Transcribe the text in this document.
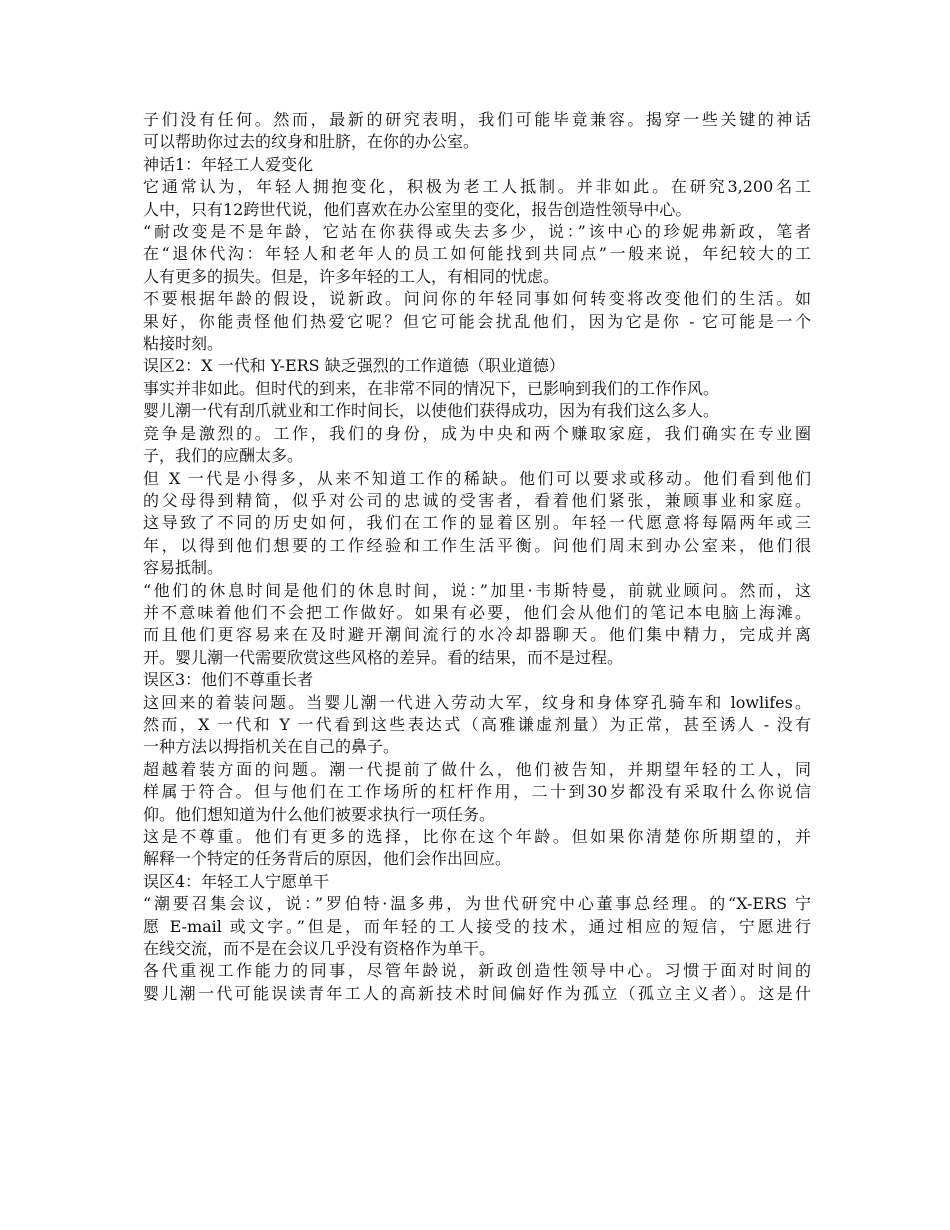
子们没有任何。然而，最新的研究表明，我们可能毕竟兼容。揭穿一些关键的神话
可以帮助你过去的纹身和肚脐，在你的办公室。
神话1：年轻工人爱变化
它通常认为，年轻人拥抱变化，积极为老工人抵制。并非如此。在研究3,200名工
人中，只有12跨世代说，他们喜欢在办公室里的变化，报告创造性领导中心。
“耐改变是不是年龄，它站在你获得或失去多少，说：”该中心的珍妮弗新政，笔者
在“退休代沟：年轻人和老年人的员工如何能找到共同点”一般来说，年纪较大的工
人有更多的损失。但是，许多年轻的工人，有相同的忧虑。
不要根据年龄的假设，说新政。问问你的年轻同事如何转变将改变他们的生活。如
果好，你能责怪他们热爱它呢？但它可能会扰乱他们，因为它是你 - 它可能是一个
粘接时刻。
误区2：X 一代和 Y-ERS 缺乏强烈的工作道德（职业道德）
事实并非如此。但时代的到来，在非常不同的情况下，已影响到我们的工作作风。
婴儿潮一代有刮爪就业和工作时间长，以使他们获得成功，因为有我们这么多人。
竞争是激烈的。工作，我们的身份，成为中央和两个赚取家庭，我们确实在专业圈
子，我们的应酬太多。
但 X 一代是小得多，从来不知道工作的稀缺。他们可以要求或移动。他们看到他们
的父母得到精简，似乎对公司的忠诚的受害者，看着他们紧张，兼顾事业和家庭。
这导致了不同的历史如何，我们在工作的显着区别。年轻一代愿意将每隔两年或三
年，以得到他们想要的工作经验和工作生活平衡。问他们周末到办公室来，他们很
容易抵制。
“他们的休息时间是他们的休息时间，说：”加里·韦斯特曼，前就业顾问。然而，这
并不意味着他们不会把工作做好。如果有必要，他们会从他们的笔记本电脑上海滩。
而且他们更容易来在及时避开潮间流行的水冷却器聊天。他们集中精力，完成并离
开。婴儿潮一代需要欣赏这些风格的差异。看的结果，而不是过程。
误区3：他们不尊重长者
这回来的着装问题。当婴儿潮一代进入劳动大军，纹身和身体穿孔骑车和 lowlifes。
然而，X 一代和 Y 一代看到这些表达式（高雅谦虚剂量）为正常，甚至诱人 - 没有
一种方法以拇指机关在自己的鼻子。
超越着装方面的问题。潮一代提前了做什么，他们被告知，并期望年轻的工人，同
样属于符合。但与他们在工作场所的杠杆作用，二十到30岁都没有采取什么你说信
仰。他们想知道为什么他们被要求执行一项任务。
这是不尊重。他们有更多的选择，比你在这个年龄。但如果你清楚你所期望的，并
解释一个特定的任务背后的原因，他们会作出回应。
误区4：年轻工人宁愿单干
“潮要召集会议，说：”罗伯特·温多弗，为世代研究中心董事总经理。的“X-ERS 宁
愿 E-mail 或文字。”但是，而年轻的工人接受的技术，通过相应的短信，宁愿进行
在线交流，而不是在会议几乎没有资格作为单干。
各代重视工作能力的同事，尽管年龄说，新政创造性领导中心。习惯于面对时间的
婴儿潮一代可能误读青年工人的高新技术时间偏好作为孤立（孤立主义者）。这是什
